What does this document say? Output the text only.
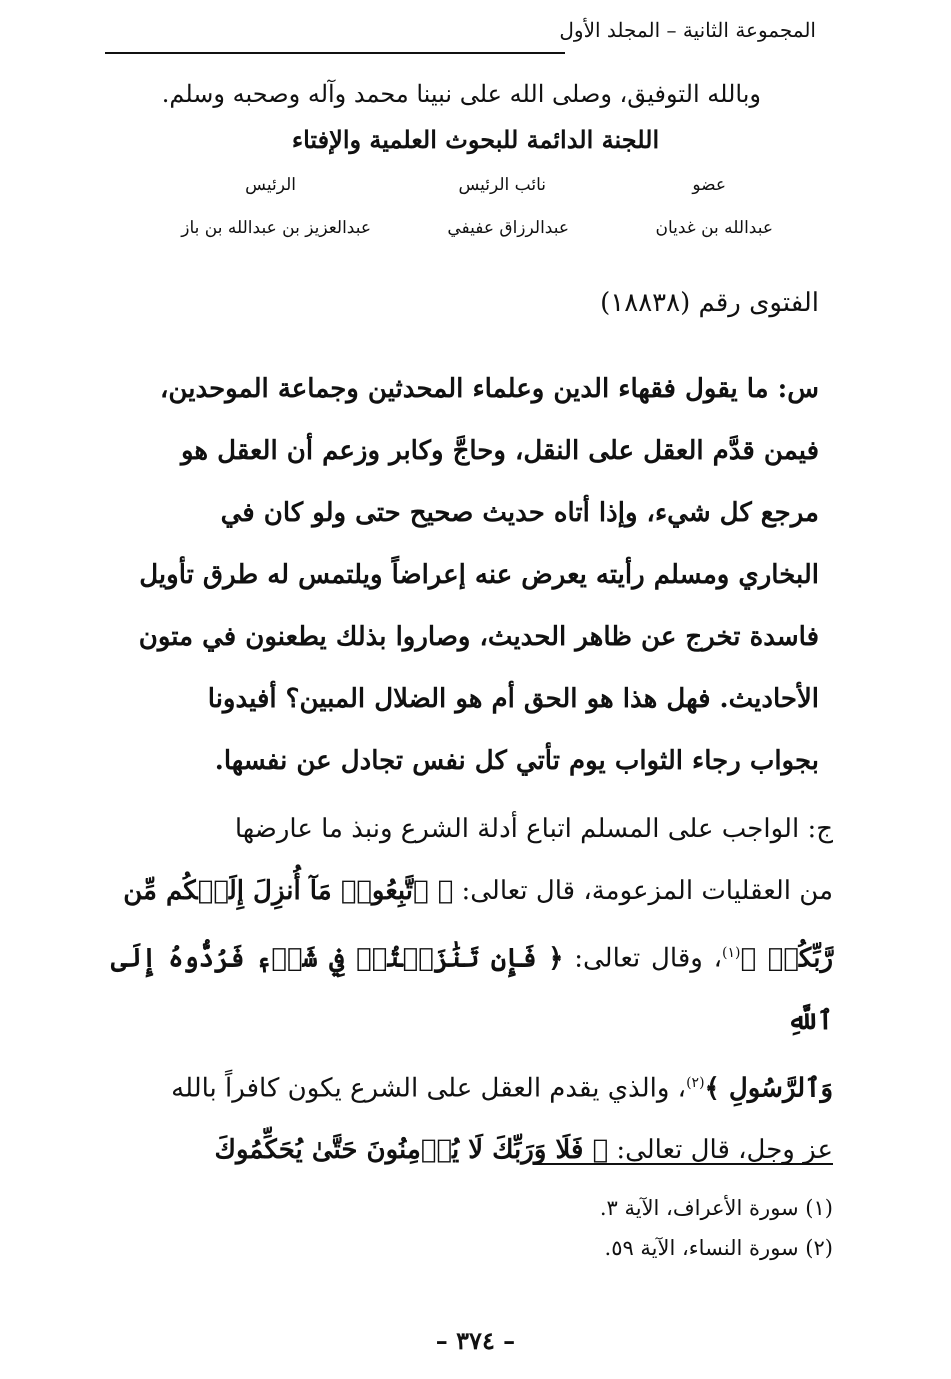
المجموعة الثانية – المجلد الأول
وبالله التوفيق، وصلى الله على نبينا محمد وآله وصحبه وسلم.
اللجنة الدائمة للبحوث العلمية والإفتاء
عضو
نائب الرئيس
الرئيس
عبدالله بن غديان
عبدالرزاق عفيفي
عبدالعزيز بن عبدالله بن باز
الفتوى رقم (١٨٨٣٨)
س: ما يقول فقهاء الدين وعلماء المحدثين وجماعة الموحدين،
فيمن قدَّم العقل على النقل، وحاجَّ وكابر وزعم أن العقل هو
مرجع كل شيء، وإذا أتاه حديث صحيح حتى ولو كان في
البخاري ومسلم رأيته يعرض عنه إعراضاً ويلتمس له طرق تأويل
فاسدة تخرج عن ظاهر الحديث، وصاروا بذلك يطعنون في متون
الأحاديث. فهل هذا هو الحق أم هو الضلال المبين؟ أفيدونا
بجواب رجاء الثواب يوم تأتي كل نفس تجادل عن نفسها.
ج: الواجب على المسلم اتباع أدلة الشرع ونبذ ما عارضها
من العقليات المزعومة، قال تعالى: ﴿ ٱتَّبِعُوا۟ مَآ أُنزِلَ إِلَيۡكُم مِّن
رَّبِّكُمۡ ﴾$^{(١)}$، وقال تعالى: ﴿ فَإِن تَنَٰزَعۡتُمۡ فِي شَيۡءٖ فَرُدُّوهُ إِلَى ٱللَّهِ
وَٱلرَّسُولِ ﴾$^{(٢)}$، والذي يقدم العقل على الشرع يكون كافراً بالله
عز وجل، قال تعالى: ﴿ فَلَا وَرَبِّكَ لَا يُؤۡمِنُونَ حَتَّىٰ يُحَكِّمُوكَ
(١) سورة الأعراف، الآية ٣.
(٢) سورة النساء، الآية ٥٩.
– ٣٧٤ –
